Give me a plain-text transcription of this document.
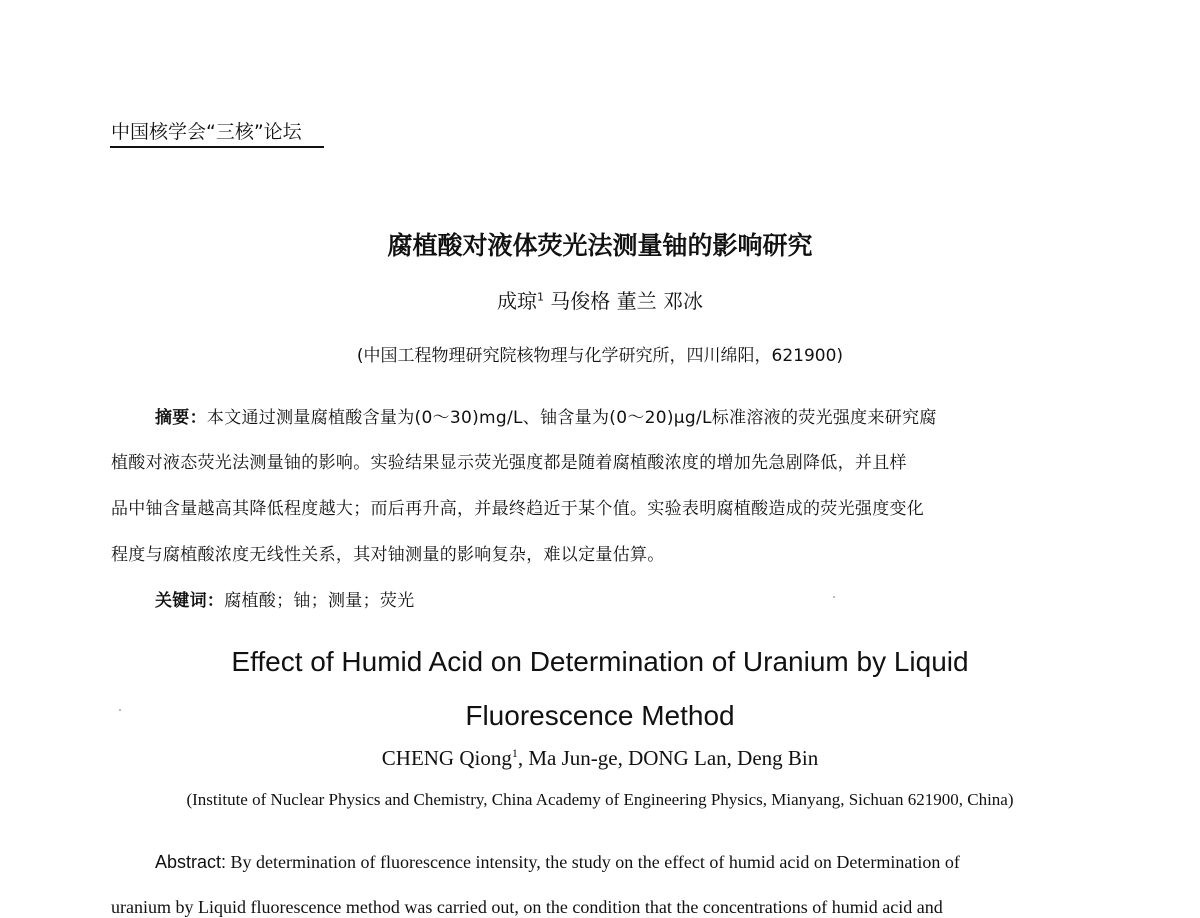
中国核学会“三核”论坛
腐植酸对液体荧光法测量铀的影响研究
成琼$^1$ 马俊格 董兰 邓冰
(中国工程物理研究院核物理与化学研究所，四川绵阳，621900)
摘要：本文通过测量腐植酸含量为(0～30)mg/L、铀含量为(0～20)μg/L标准溶液的荧光强度来研究腐
植酸对液态荧光法测量铀的影响。实验结果显示荧光强度都是随着腐植酸浓度的增加先急剧降低，并且样
品中铀含量越高其降低程度越大；而后再升高，并最终趋近于某个值。实验表明腐植酸造成的荧光强度变化
程度与腐植酸浓度无线性关系，其对铀测量的影响复杂，难以定量估算。
关键词：腐植酸；铀；测量；荧光
Effect of Humid Acid on Determination of Uranium by Liquid
Fluorescence Method
CHENG Qiong$^1$, Ma Jun-ge, DONG Lan, Deng Bin
(Institute of Nuclear Physics and Chemistry, China Academy of Engineering Physics, Mianyang, Sichuan 621900, China)
Abstract: By determination of fluorescence intensity, the study on the effect of humid acid on Determination of
uranium by Liquid fluorescence method was carried out, on the condition that the concentrations of humid acid and
